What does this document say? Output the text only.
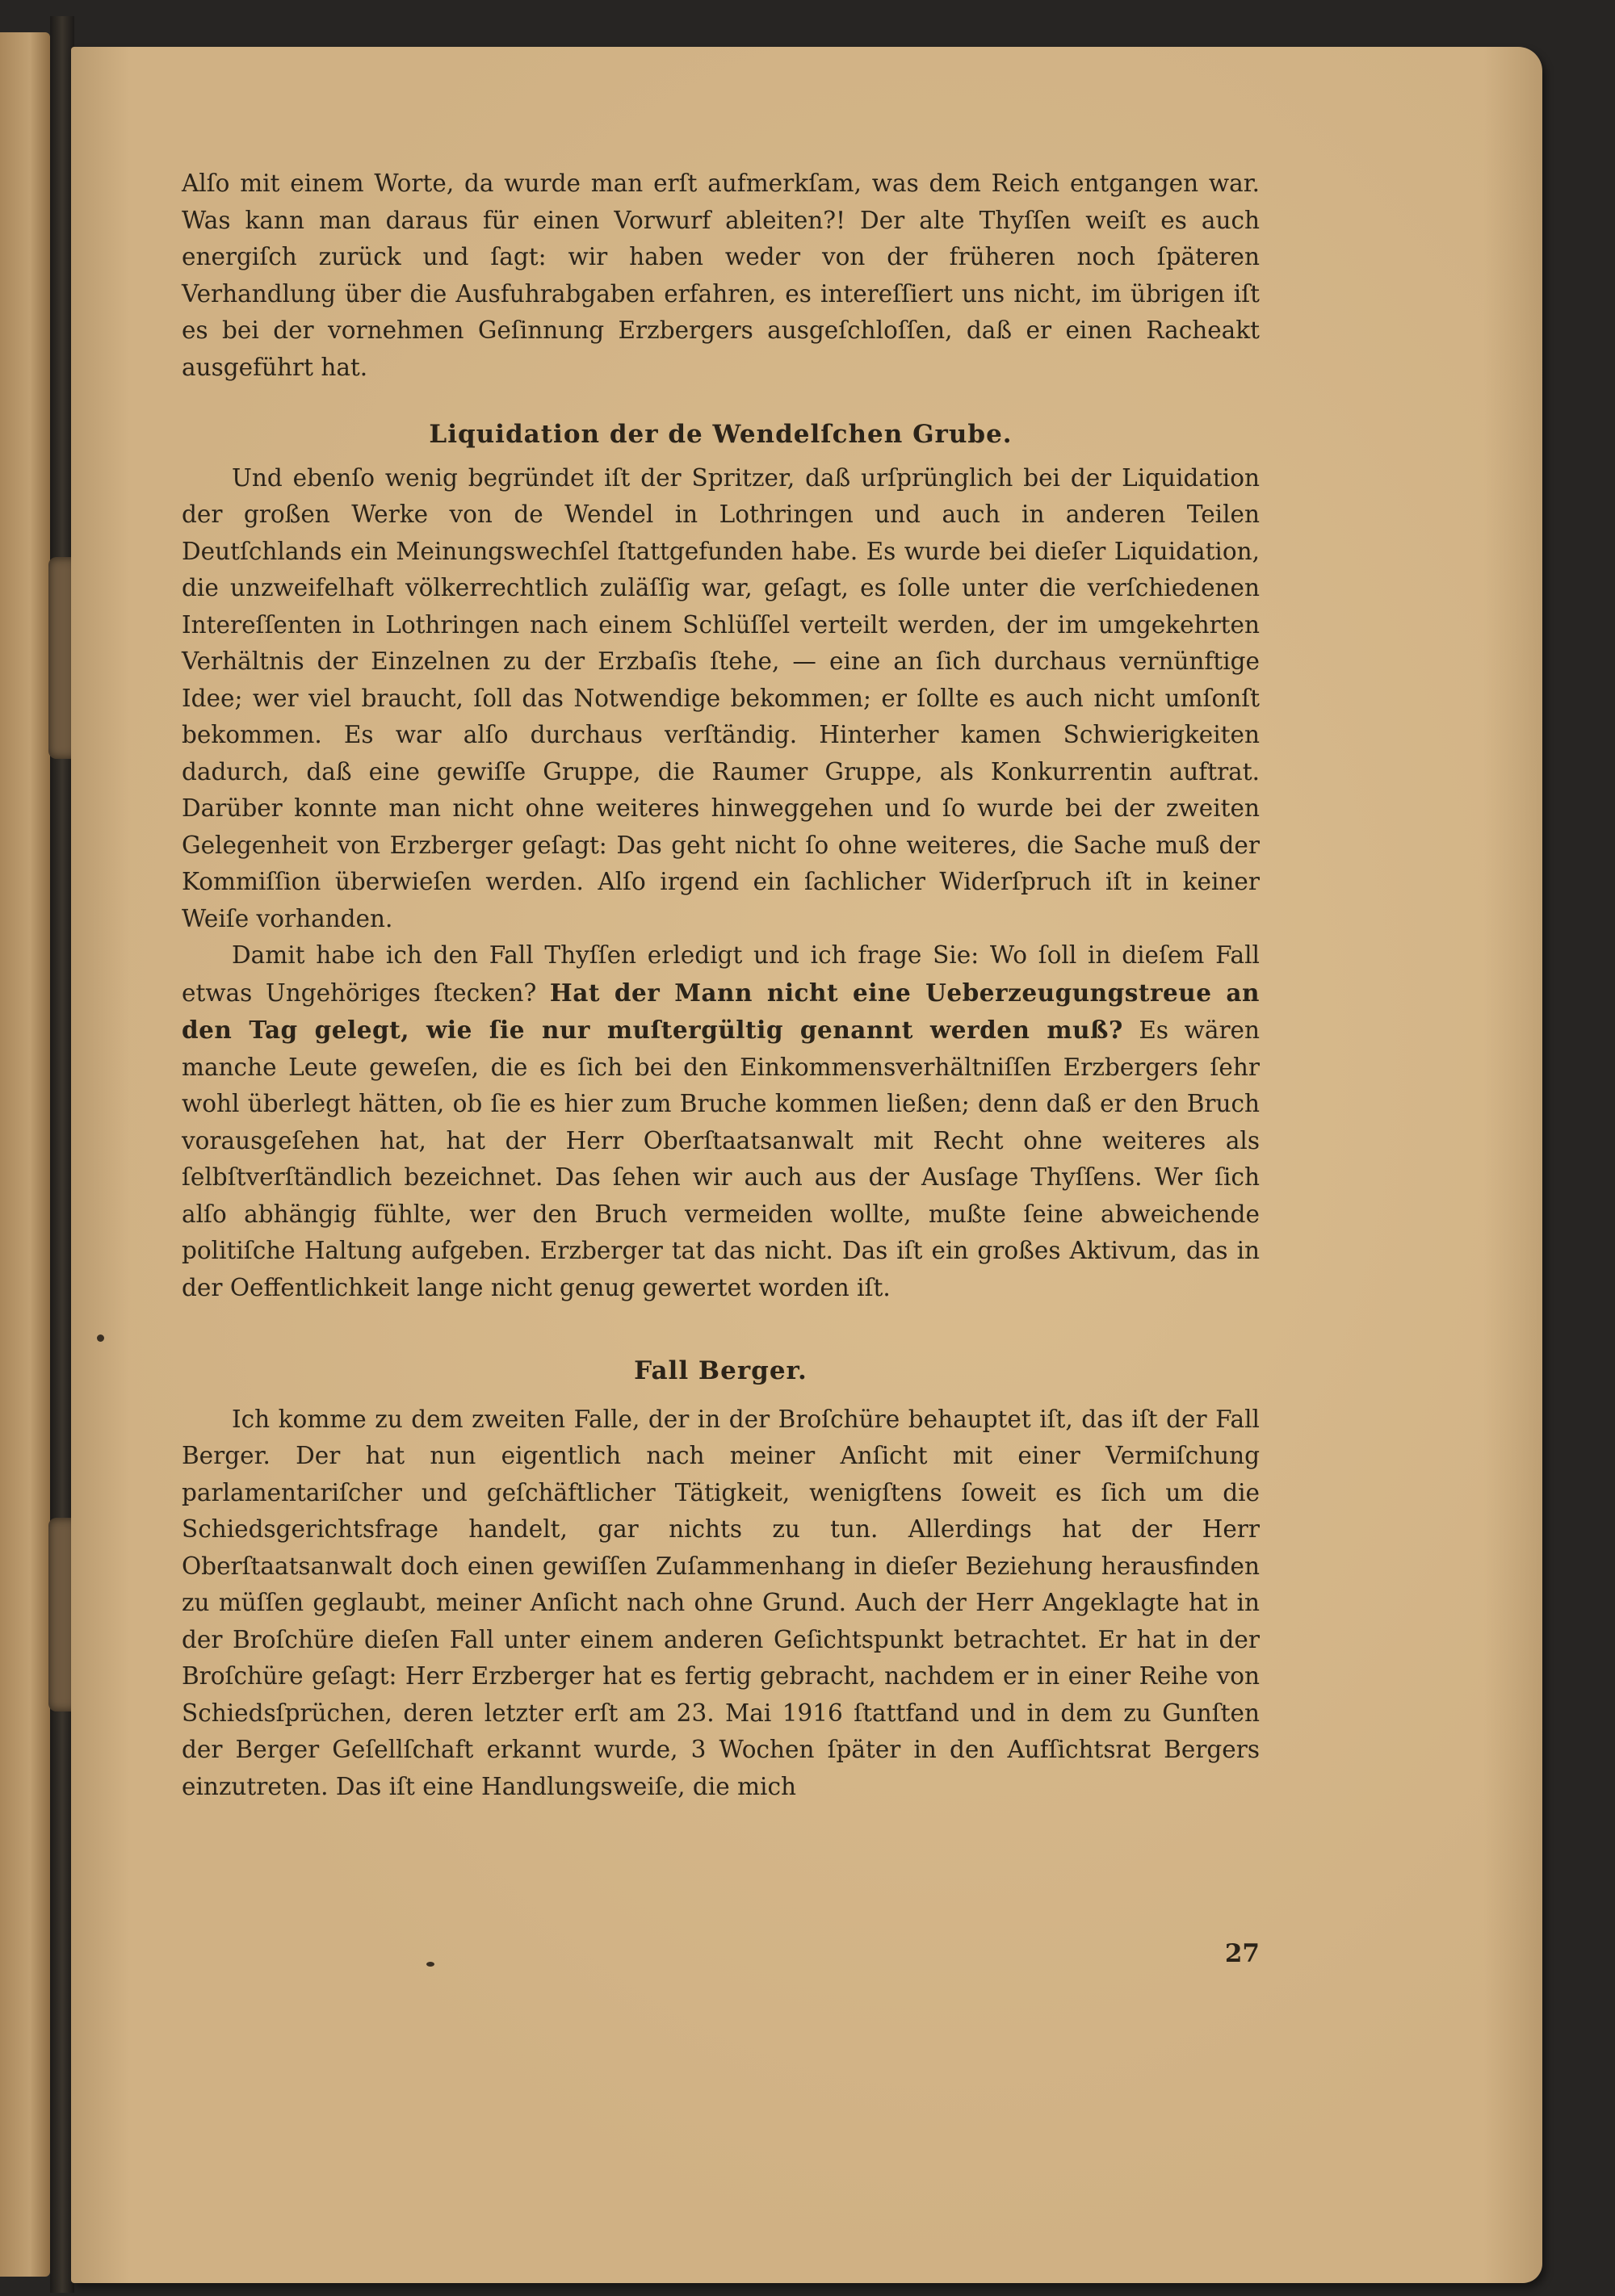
Alſo mit einem Worte, da wurde man erſt aufmerkſam, was dem Reich entgangen war. Was kann man daraus für einen Vorwurf ableiten?! Der alte Thyſſen weiſt es auch energiſch zurück und ſagt: wir haben weder von der früheren noch ſpäteren Verhandlung über die Ausfuhrabgaben erfahren, es intereſſiert uns nicht, im übrigen iſt es bei der vornehmen Geſinnung Erzbergers ausgeſchloſſen, daß er einen Racheakt ausgeführt hat.

Liquidation der de Wendelſchen Grube.

Und ebenſo wenig begründet iſt der Spritzer, daß urſprünglich bei der Liquidation der großen Werke von de Wendel in Lothringen und auch in anderen Teilen Deutſchlands ein Meinungswechſel ſtattgefunden habe. Es wurde bei dieſer Liquidation, die unzweifelhaft völkerrechtlich zuläſſig war, geſagt, es ſolle unter die verſchiedenen Intereſſenten in Lothringen nach einem Schlüſſel verteilt werden, der im umgekehrten Verhältnis der Einzelnen zu der Erzbaſis ſtehe, — eine an ſich durchaus vernünftige Idee; wer viel braucht, ſoll das Notwendige bekommen; er ſollte es auch nicht umſonſt bekommen. Es war alſo durchaus verſtändig. Hinterher kamen Schwierigkeiten dadurch, daß eine gewiſſe Gruppe, die Raumer Gruppe, als Konkurrentin auftrat. Darüber konnte man nicht ohne weiteres hinweggehen und ſo wurde bei der zweiten Gelegenheit von Erzberger geſagt: Das geht nicht ſo ohne weiteres, die Sache muß der Kommiſſion überwieſen werden. Alſo irgend ein ſachlicher Widerſpruch iſt in keiner Weiſe vorhanden.

Damit habe ich den Fall Thyſſen erledigt und ich frage Sie: Wo ſoll in dieſem Fall etwas Ungehöriges ſtecken? Hat der Mann nicht eine Ueberzeugungstreue an den Tag gelegt, wie ſie nur muſtergültig genannt werden muß? Es wären manche Leute geweſen, die es ſich bei den Einkommensverhältniſſen Erzbergers ſehr wohl überlegt hätten, ob ſie es hier zum Bruche kommen ließen; denn daß er den Bruch vorausgeſehen hat, hat der Herr Oberſtaatsanwalt mit Recht ohne weiteres als ſelbſtverſtändlich bezeichnet. Das ſehen wir auch aus der Ausſage Thyſſens. Wer ſich alſo abhängig fühlte, wer den Bruch vermeiden wollte, mußte ſeine abweichende politiſche Haltung aufgeben. Erzberger tat das nicht. Das iſt ein großes Aktivum, das in der Oeffentlichkeit lange nicht genug gewertet worden iſt.

Fall Berger.

Ich komme zu dem zweiten Falle, der in der Broſchüre behauptet iſt, das iſt der Fall Berger. Der hat nun eigentlich nach meiner Anſicht mit einer Vermiſchung parlamentariſcher und geſchäftlicher Tätigkeit, wenigſtens ſoweit es ſich um die Schiedsgerichtsfrage handelt, gar nichts zu tun. Allerdings hat der Herr Oberſtaatsanwalt doch einen gewiſſen Zuſammenhang in dieſer Beziehung herausfinden zu müſſen geglaubt, meiner Anſicht nach ohne Grund. Auch der Herr Angeklagte hat in der Broſchüre dieſen Fall unter einem anderen Geſichtspunkt betrachtet. Er hat in der Broſchüre geſagt: Herr Erzberger hat es fertig gebracht, nachdem er in einer Reihe von Schiedsſprüchen, deren letzter erſt am 23. Mai 1916 ſtattfand und in dem zu Gunſten der Berger Geſellſchaft erkannt wurde, 3 Wochen ſpäter in den Aufſichtsrat Bergers einzutreten. Das iſt eine Handlungsweiſe, die mich

27
